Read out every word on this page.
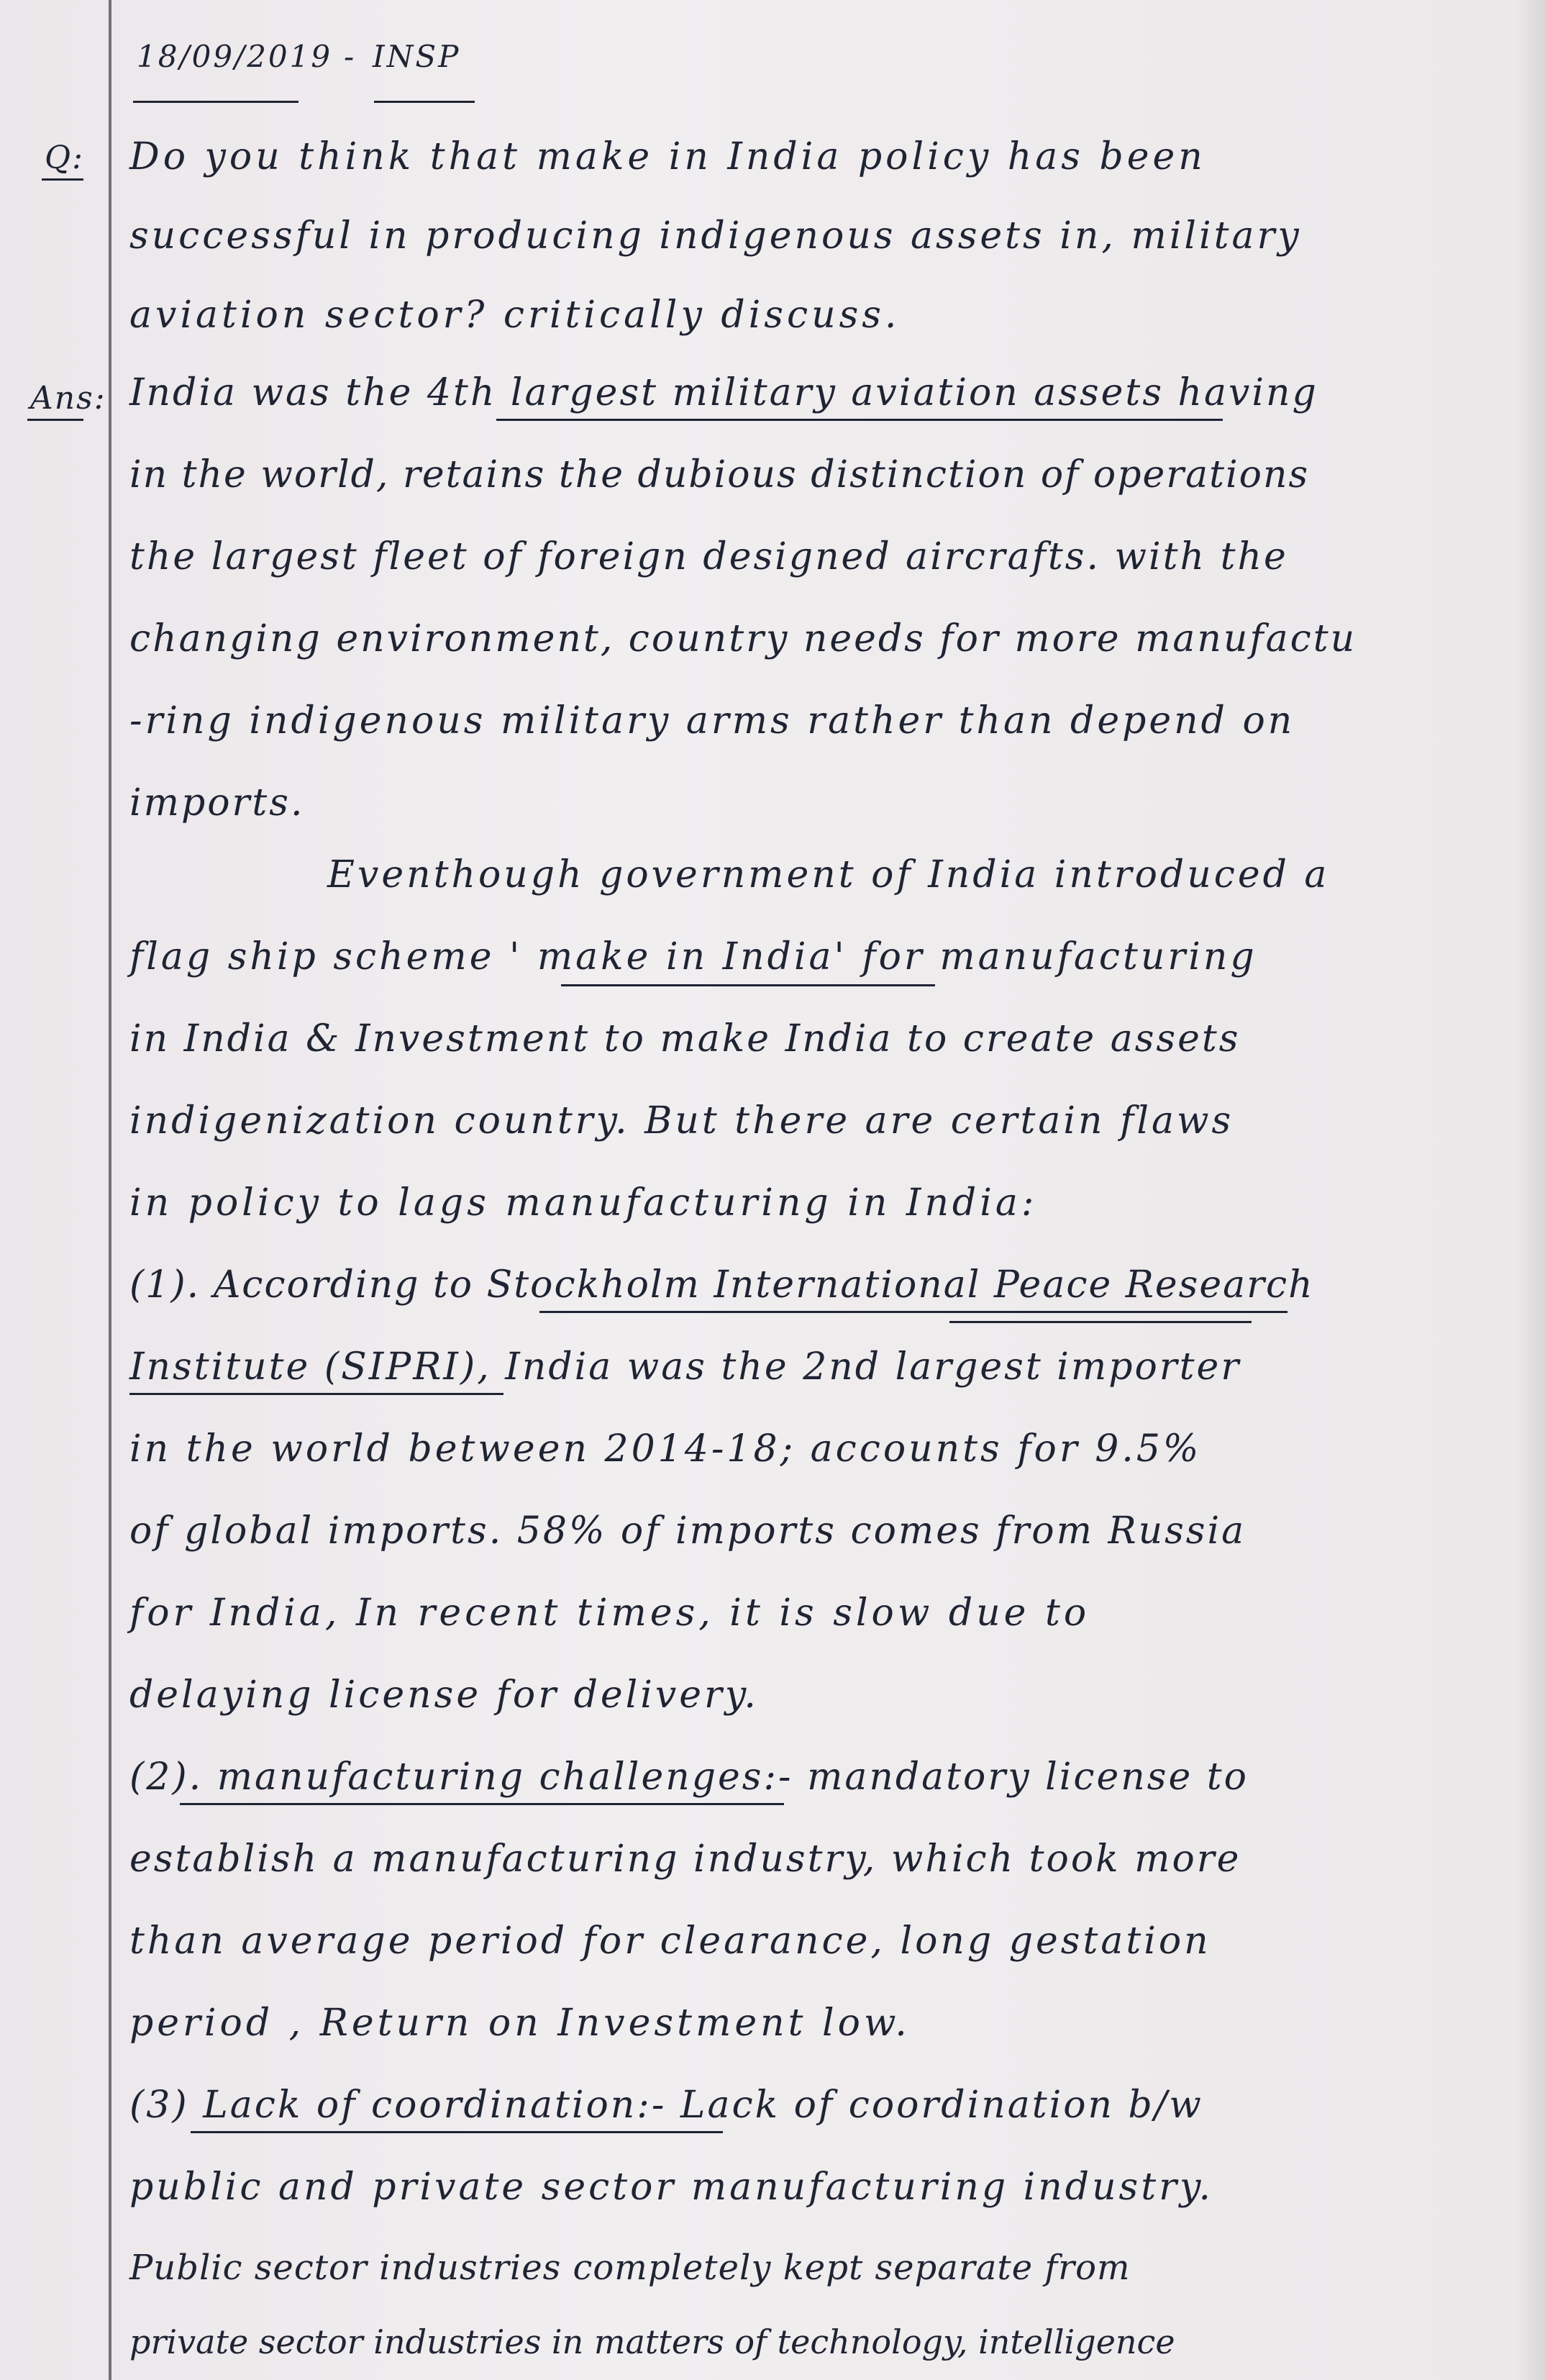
18/09/2019 - INSP
Q: Do you think that make in India policy has been
successful in producing indigenous assets in, military
aviation sector? critically discuss.
Ans: India was the 4th largest military aviation assets having
in the world, retains the dubious distinction of operations
the largest fleet of foreign designed aircrafts. with the
changing environment, country needs for more manufactu
-ring indigenous military arms rather than depend on
imports.
Eventhough government of India introduced a
flag ship scheme ' make in India' for manufacturing
in India & Investment to make India to create assets
indigenization country. But there are certain flaws
in policy to lags manufacturing in India:
(1). According to Stockholm International Peace Research
Institute (SIPRI), India was the 2nd largest importer
in the world between 2014-18; accounts for 9.5%
of global imports. 58% of imports comes from Russia
for India, In recent times, it is slow due to
delaying license for delivery.
(2). manufacturing challenges:- mandatory license to
establish a manufacturing industry, which took more
than average period for clearance, long gestation
period , Return on Investment low.
(3) Lack of coordination:- Lack of coordination b/w
public and private sector manufacturing industry.
Public sector industries completely kept separate from
private sector industries in matters of technology, intelligence
